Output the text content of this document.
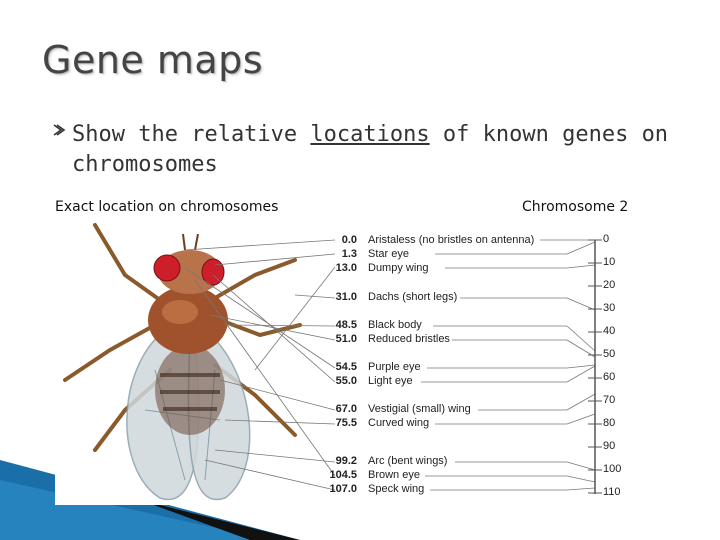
Gene maps
Show the relative locations of known genes on chromosomes
Exact location on chromosomes	Chromosome 2
0.0
1.3
13.0
31.0
48.5
51.0
54.5
55.0
67.0
75.5
99.2
104.5
107.0
Aristaless (no bristles on antenna)
Star eye
Dumpy wing
Dachs (short legs)
Black body
Reduced bristles
Purple eye
Light eye
Vestigial (small) wing
Curved wing
Arc (bent wings)
Brown eye
Speck wing
0
10
20
30
40
50
60
70
80
90
100
110
